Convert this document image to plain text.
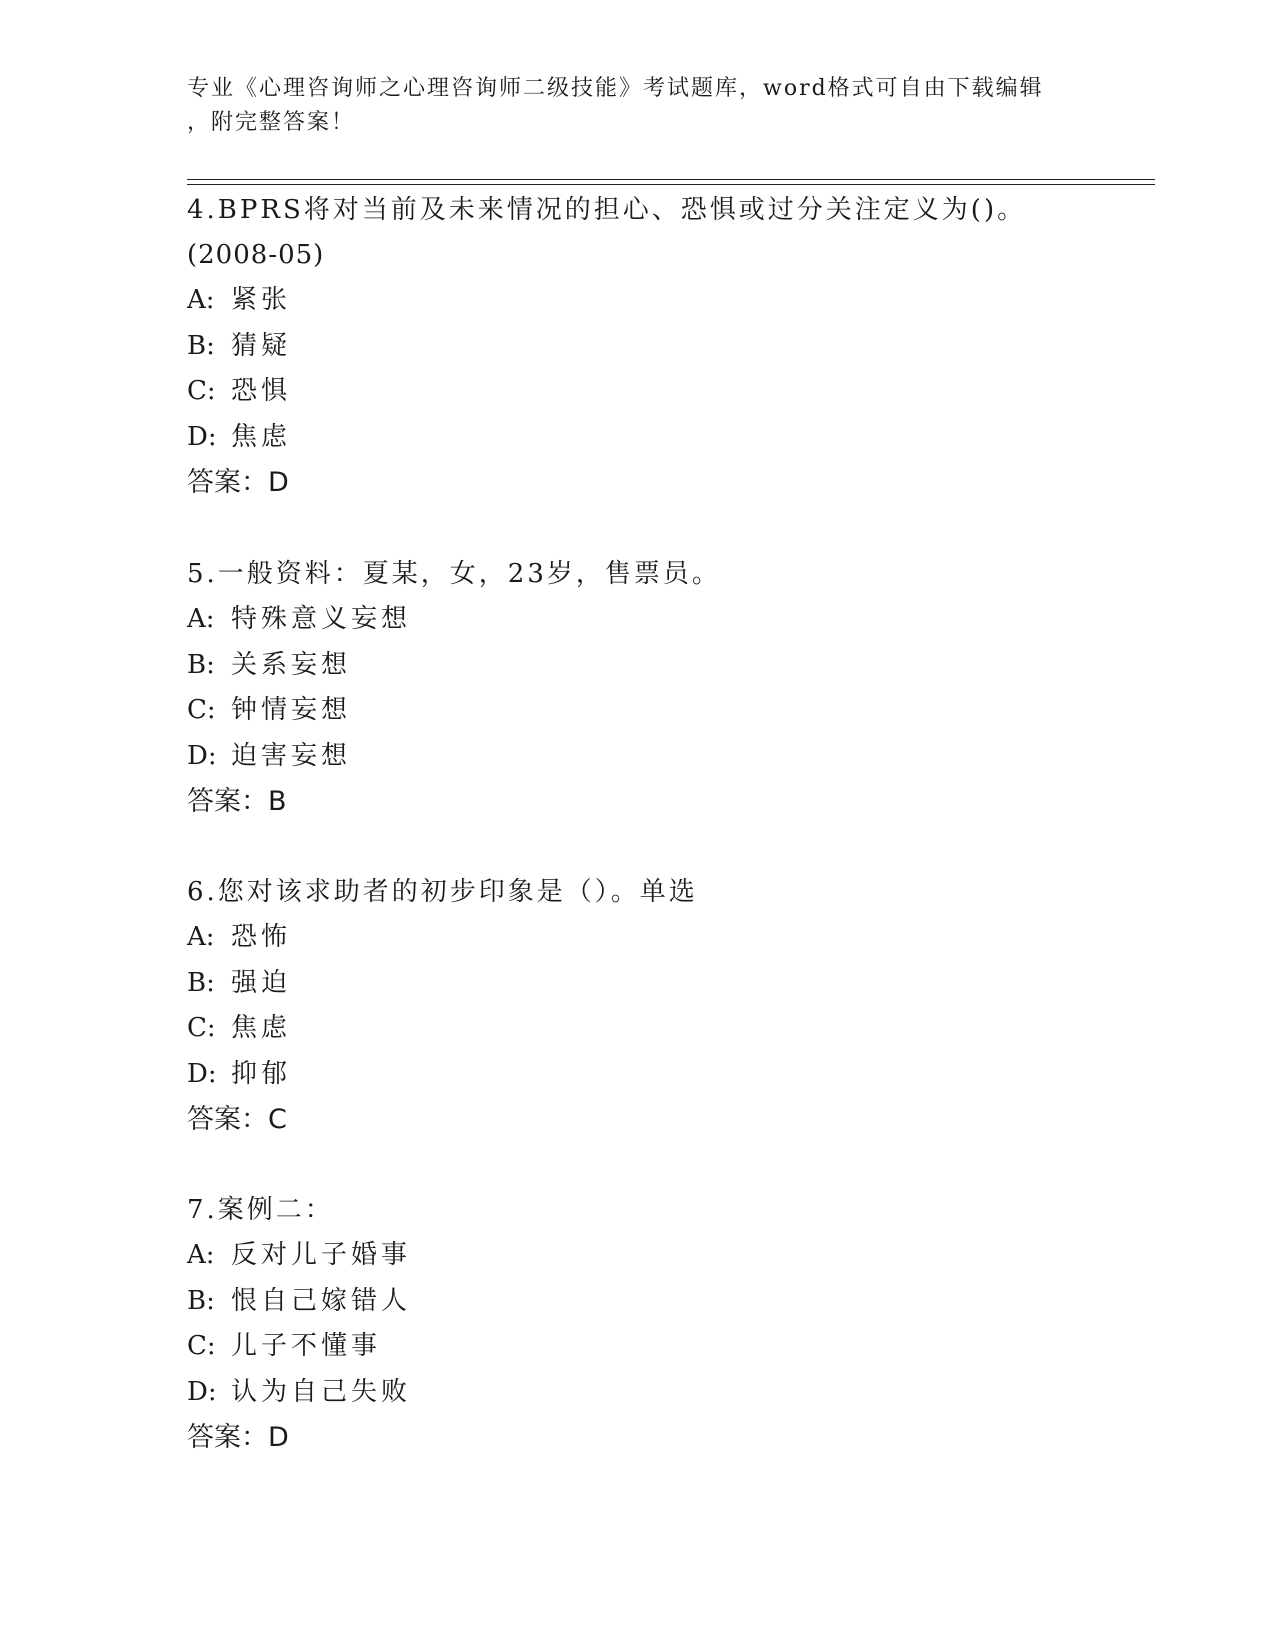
专业《心理咨询师之心理咨询师二级技能》考试题库，word格式可自由下载编辑
，附完整答案！
4.BPRS将对当前及未来情况的担心、恐惧或过分关注定义为()。
(2008-05)
A: 紧张
B: 猜疑
C: 恐惧
D: 焦虑
答案：D
5.一般资料：夏某，女，23岁，售票员。
A: 特殊意义妄想
B: 关系妄想
C: 钟情妄想
D: 迫害妄想
答案：B
6.您对该求助者的初步印象是（）。单选
A: 恐怖
B: 强迫
C: 焦虑
D: 抑郁
答案：C
7.案例二：
A: 反对儿子婚事
B: 恨自己嫁错人
C: 儿子不懂事
D: 认为自己失败
答案：D
